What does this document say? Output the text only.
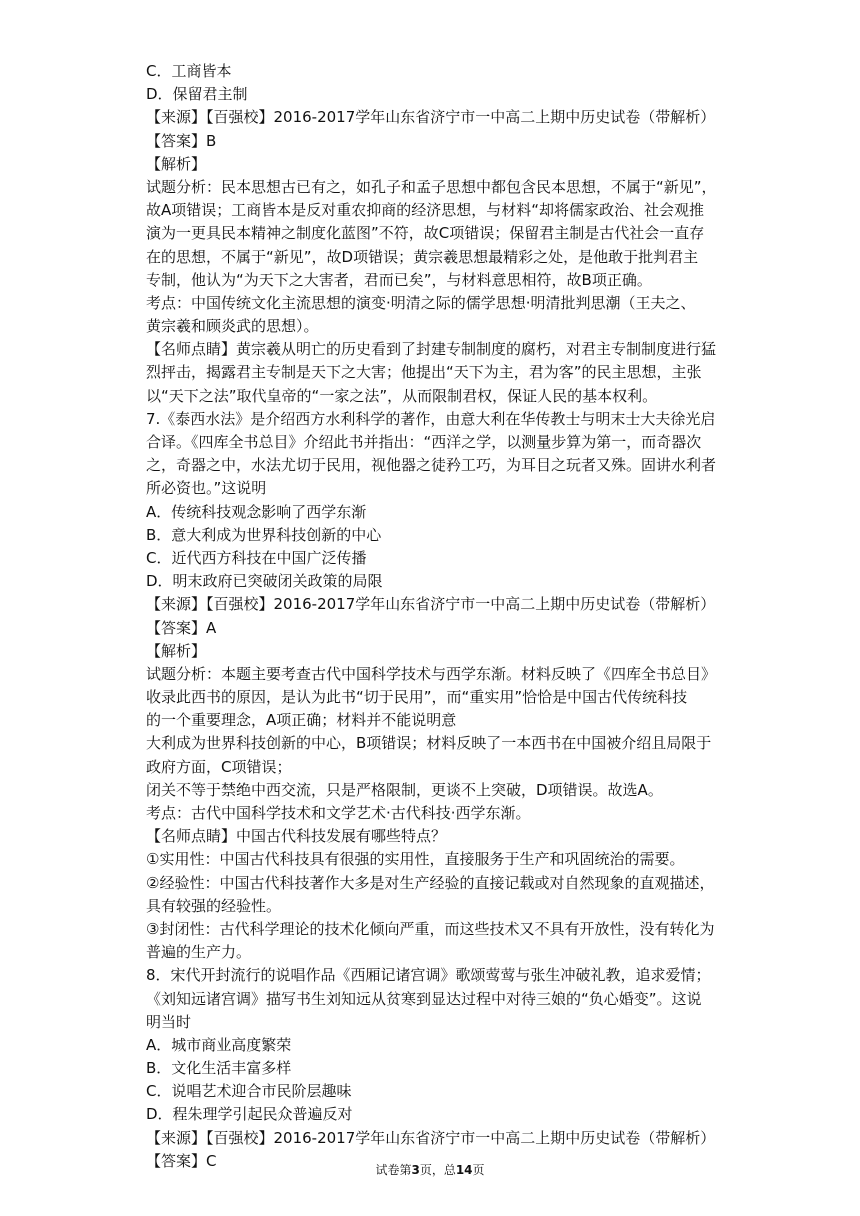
C．工商皆本
D．保留君主制
【来源】【百强校】2016-2017学年山东省济宁市一中高二上期中历史试卷（带解析）
【答案】B
【解析】
试题分析：民本思想古已有之，如孔子和孟子思想中都包含民本思想，不属于“新见”，
故A项错误；工商皆本是反对重农抑商的经济思想，与材料“却将儒家政治、社会观推
演为一更具民本精神之制度化蓝图”不符，故C项错误；保留君主制是古代社会一直存
在的思想，不属于“新见”，故D项错误；黄宗羲思想最精彩之处，是他敢于批判君主
专制，他认为“为天下之大害者，君而已矣”，与材料意思相符，故B项正确。
考点：中国传统文化主流思想的演变·明清之际的儒学思想·明清批判思潮（王夫之、
黄宗羲和顾炎武的思想）。
【名师点睛】黄宗羲从明亡的历史看到了封建专制制度的腐朽，对君主专制制度进行猛
烈抨击，揭露君主专制是天下之大害；他提出“天下为主，君为客”的民主思想，主张
以“天下之法”取代皇帝的“一家之法”，从而限制君权，保证人民的基本权利。
7.《泰西水法》是介绍西方水利科学的著作，由意大利在华传教士与明末士大夫徐光启
合译。《四库全书总目》介绍此书并指出：“西洋之学，以测量步算为第一，而奇器次
之，奇器之中，水法尤切于民用，视他器之徒矜工巧，为耳目之玩者又殊。固讲水利者
所必资也。”这说明
A．传统科技观念影响了西学东渐
B．意大利成为世界科技创新的中心
C．近代西方科技在中国广泛传播
D．明末政府已突破闭关政策的局限
【来源】【百强校】2016-2017学年山东省济宁市一中高二上期中历史试卷（带解析）
【答案】A
【解析】
试题分析：本题主要考查古代中国科学技术与西学东渐。材料反映了《四库全书总目》
收录此西书的原因，是认为此书“切于民用”，而“重实用”恰恰是中国古代传统科技
的一个重要理念，A项正确；材料并不能说明意
大利成为世界科技创新的中心，B项错误；材料反映了一本西书在中国被介绍且局限于
政府方面，C项错误；
闭关不等于禁绝中西交流，只是严格限制，更谈不上突破，D项错误。故选A。
考点：古代中国科学技术和文学艺术·古代科技·西学东渐。
【名师点睛】中国古代科技发展有哪些特点？
①实用性：中国古代科技具有很强的实用性，直接服务于生产和巩固统治的需要。
②经验性：中国古代科技著作大多是对生产经验的直接记载或对自然现象的直观描述，
具有较强的经验性。
③封闭性：古代科学理论的技术化倾向严重，而这些技术又不具有开放性，没有转化为
普遍的生产力。
8．宋代开封流行的说唱作品《西厢记诸宫调》歌颂莺莺与张生冲破礼教，追求爱情；
《刘知远诸宫调》描写书生刘知远从贫寒到显达过程中对待三娘的“负心婚变”。这说
明当时
A．城市商业高度繁荣
B．文化生活丰富多样
C．说唱艺术迎合市民阶层趣味
D．程朱理学引起民众普遍反对
【来源】【百强校】2016-2017学年山东省济宁市一中高二上期中历史试卷（带解析）
【答案】C
试卷第3页，总14页
